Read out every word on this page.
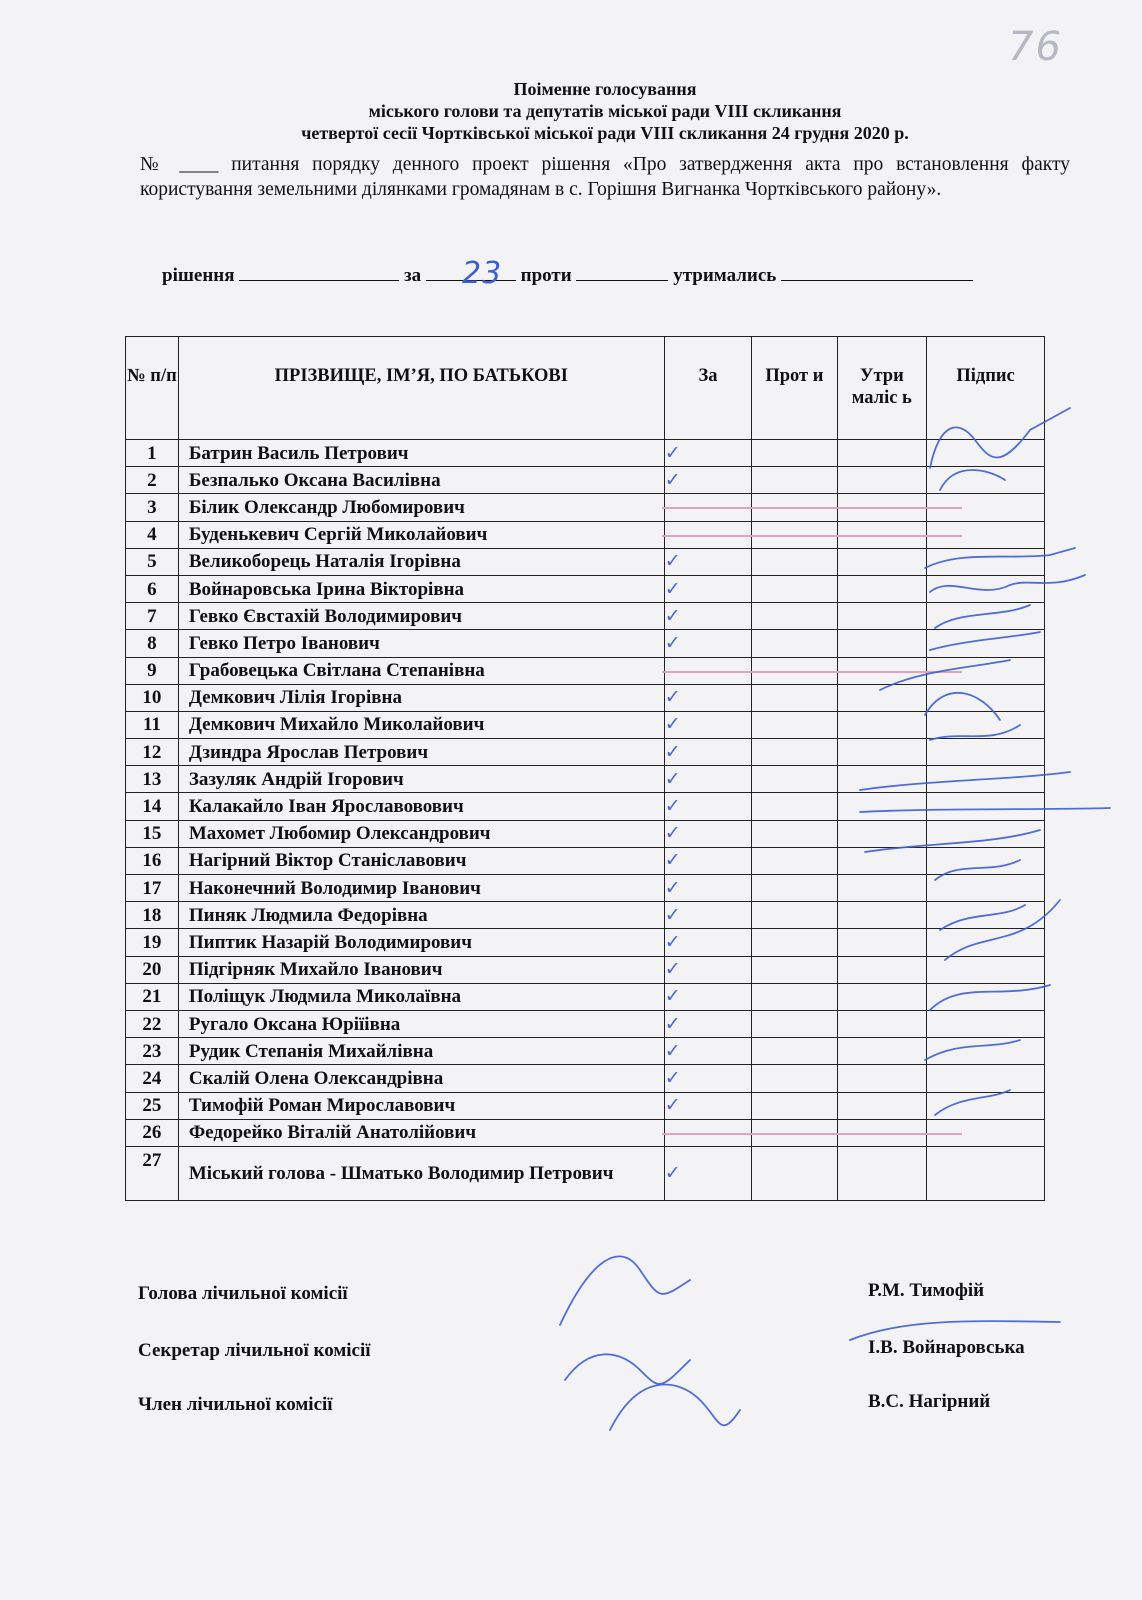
76
Поіменне голосування
міського голови та депутатів міської ради VIII скликання
четвертої сесії Чортківської міської ради VIII скликання 24 грудня 2020 р.
№ ____ питання порядку денного проект рішення «Про затвердження акта про встановлення факту користування земельними ділянками громадянам в с. Горішня Вигнанка Чортківського району».
рішення	за	проти	утримались
23
№ п/п	ПРІЗВИЩЕ, ІМ’Я, ПО БАТЬКОВІ	За	Прот и	Утри маліс ь	Підпис
1	Батрин Василь Петрович	✓			
2	Безпалько Оксана Василівна	✓			
3	Білик Олександр Любомирович				
4	Буденькевич Сергій Миколайович				
5	Великоборець Наталія Ігорівна	✓			
6	Войнаровська Ірина Вікторівна	✓			
7	Гевко Євстахій Володимирович	✓			
8	Гевко Петро Іванович	✓			
9	Грабовецька Світлана Степанівна				
10	Демкович Лілія Ігорівна	✓			
11	Демкович Михайло Миколайович	✓			
12	Дзиндра Ярослав Петрович	✓			
13	Зазуляк Андрій Ігорович	✓			
14	Калакайло Іван Ярославовович	✓			
15	Махомет Любомир Олександрович	✓			
16	Нагірний Віктор Станіславович	✓			
17	Наконечний Володимир Іванович	✓			
18	Пиняк Людмила Федорівна	✓			
19	Пиптик Назарій Володимирович	✓			
20	Підгірняк Михайло Іванович	✓			
21	Поліщук Людмила Миколаївна	✓			
22	Ругало Оксана Юріїівна	✓			
23	Рудик Степанія Михайлівна	✓			
24	Скалій Олена Олександрівна	✓			
25	Тимофій Роман Мирославович	✓			
26	Федорейко Віталій Анатолійович				
27	Міський голова - Шматько Володимир Петрович	✓			
Голова лічильної комісії	Р.М. Тимофій
Секретар лічильної комісії	І.В. Войнаровська
Член лічильної комісії	В.С. Нагірний
